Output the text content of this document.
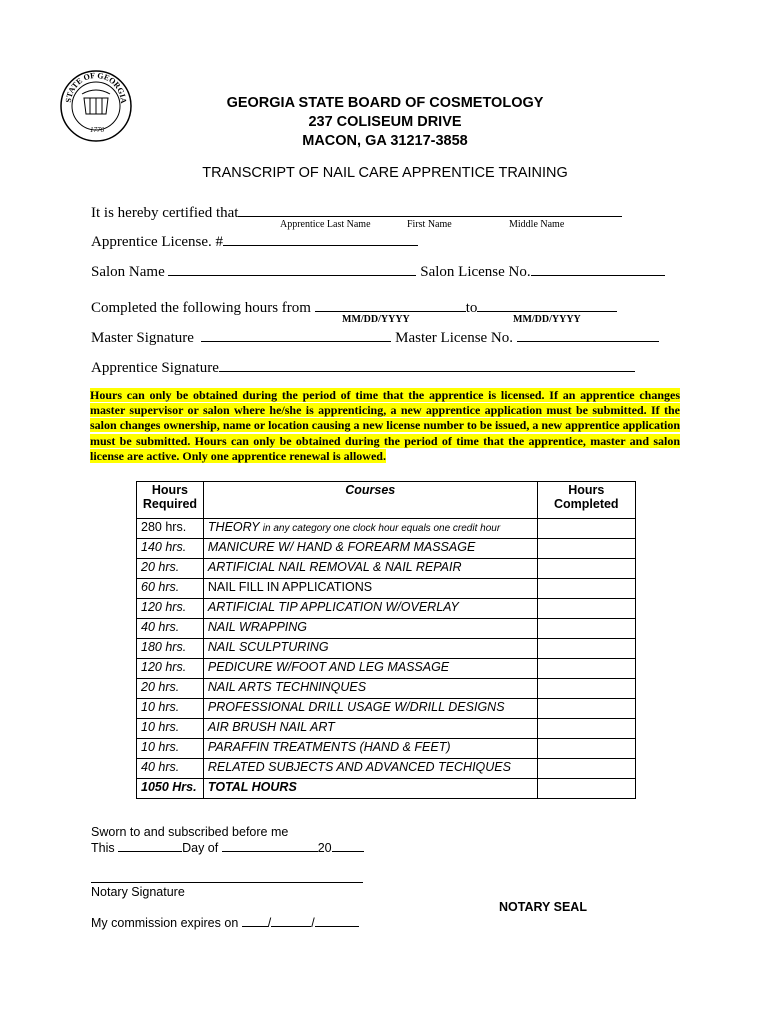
STATE OF GEORGIA
1776
GEORGIA STATE BOARD OF COSMETOLOGY
237 COLISEUM DRIVE
MACON, GA 31217-3858
TRANSCRIPT OF NAIL CARE APPRENTICE TRAINING
It is hereby certified that
Apprentice Last Name	First Name	Middle Name
Apprentice License. #
Salon Name	Salon License No.
Completed the following hours from	to
MM/DD/YYYY	MM/DD/YYYY
Master Signature	Master License No.
Apprentice Signature
Hours can only be obtained during the period of time that the apprentice is licensed. If an apprentice changes master supervisor or salon where he/she is apprenticing, a new apprentice application must be submitted. If the salon changes ownership, name or location causing a new license number to be issued, a new apprentice application must be submitted. Hours can only be obtained during the period of time that the apprentice, master and salon license are active. Only one apprentice renewal is allowed.
Hours Required	Courses	Hours Completed
280 hrs.	THEORY in any category one clock hour equals one credit hour	
140 hrs.	MANICURE W/ HAND & FOREARM MASSAGE	
20 hrs.	ARTIFICIAL NAIL REMOVAL & NAIL REPAIR	
60 hrs.	NAIL FILL IN APPLICATIONS	
120 hrs.	ARTIFICIAL TIP APPLICATION W/OVERLAY	
40 hrs.	NAIL WRAPPING	
180 hrs.	NAIL SCULPTURING	
120 hrs.	PEDICURE W/FOOT AND LEG MASSAGE	
20 hrs.	NAIL ARTS TECHNINQUES	
10 hrs.	PROFESSIONAL DRILL USAGE W/DRILL DESIGNS	
10 hrs.	AIR BRUSH NAIL ART	
10 hrs.	PARAFFIN TREATMENTS (HAND & FEET)	
40 hrs.	RELATED SUBJECTS AND ADVANCED TECHIQUES	
1050 Hrs.	TOTAL HOURS	
Sworn to and subscribed before me
This	Day of	20
Notary Signature
My commission expires on /	/
NOTARY SEAL
